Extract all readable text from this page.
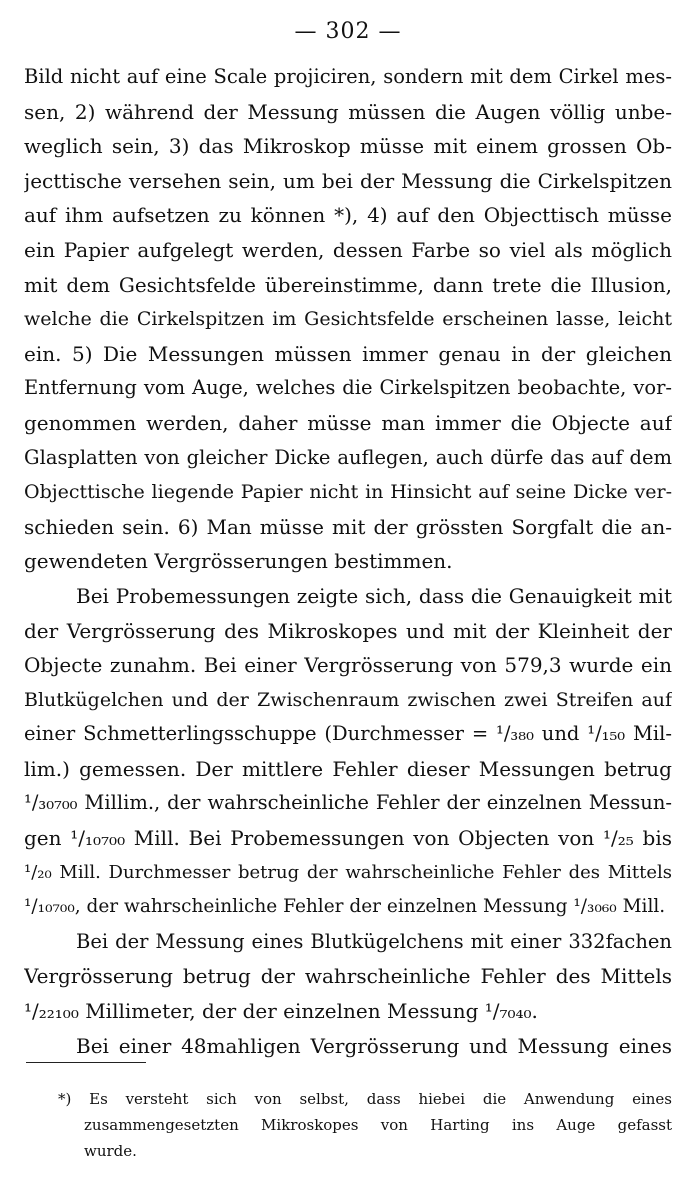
— 302 —
Bild nicht auf eine Scale projiciren, sondern mit dem Cirkel mes-
sen, 2) während der Messung müssen die Augen völlig unbe-
weglich sein, 3) das Mikroskop müsse mit einem grossen Ob-
jecttische versehen sein, um bei der Messung die Cirkelspitzen
auf ihm aufsetzen zu können *), 4) auf den Objecttisch müsse
ein Papier aufgelegt werden, dessen Farbe so viel als möglich
mit dem Gesichtsfelde übereinstimme, dann trete die Illusion,
welche die Cirkelspitzen im Gesichtsfelde erscheinen lasse, leicht
ein. 5) Die Messungen müssen immer genau in der gleichen
Entfernung vom Auge, welches die Cirkelspitzen beobachte, vor-
genommen werden, daher müsse man immer die Objecte auf
Glasplatten von gleicher Dicke auflegen, auch dürfe das auf dem
Objecttische liegende Papier nicht in Hinsicht auf seine Dicke ver-
schieden sein. 6) Man müsse mit der grössten Sorgfalt die an-
gewendeten Vergrösserungen bestimmen.
Bei Probemessungen zeigte sich, dass die Genauigkeit mit
der Vergrösserung des Mikroskopes und mit der Kleinheit der
Objecte zunahm. Bei einer Vergrösserung von 579,3 wurde ein
Blutkügelchen und der Zwischenraum zwischen zwei Streifen auf
einer Schmetterlingsschuppe (Durchmesser = ¹/₃₈₀ und ¹/₁₅₀ Mil-
lim.) gemessen. Der mittlere Fehler dieser Messungen betrug
¹/₃₀₇₀₀ Millim., der wahrscheinliche Fehler der einzelnen Messun-
gen ¹/₁₀₇₀₀ Mill. Bei Probemessungen von Objecten von ¹/₂₅ bis
¹/₂₀ Mill. Durchmesser betrug der wahrscheinliche Fehler des Mittels
¹/₁₀₇₀₀, der wahrscheinliche Fehler der einzelnen Messung ¹/₃₀₆₀ Mill.
Bei der Messung eines Blutkügelchens mit einer 332fachen
Vergrösserung betrug der wahrscheinliche Fehler des Mittels
¹/₂₂₁₀₀ Millimeter, der der einzelnen Messung ¹/₇₀₄₀.
Bei einer 48mahligen Vergrösserung und Messung eines
*) Es versteht sich von selbst, dass hiebei die Anwendung eines
zusammengesetzten Mikroskopes von Harting ins Auge gefasst
wurde.
